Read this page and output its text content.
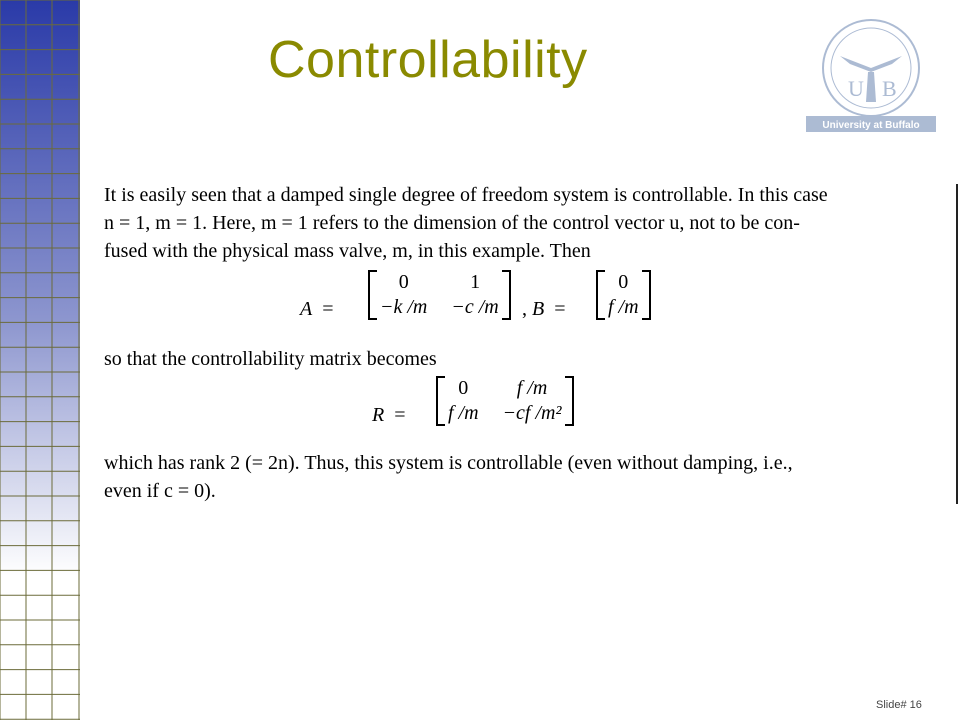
Controllability	U B
University at Buffalo
It is easily seen that a damped single degree of freedom system is controllable. In this case
n = 1, m = 1. Here, m = 1 refers to the dimension of the control vector u, not to be con-
fused with the physical mass valve, m, in this example. Then
A  =
0	1
−k /m	−c /m , B  =
0
f /m
so that the controllability matrix becomes
R  =
0	f /m
f /m	−cf /m²
which has rank 2 (= 2n). Thus, this system is controllable (even without damping, i.e.,
even if c = 0).
Slide# 16
